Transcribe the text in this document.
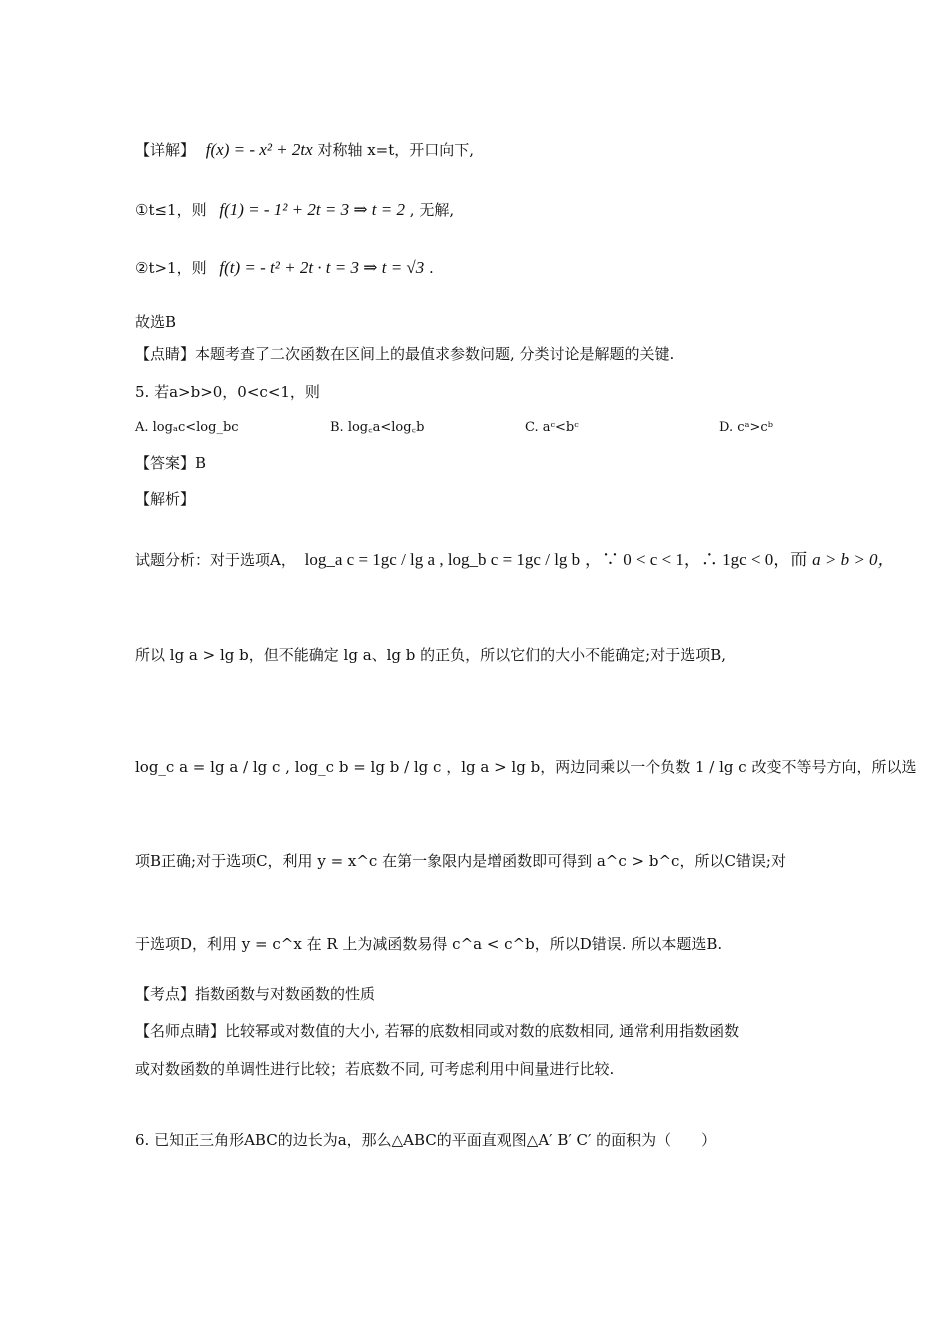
【详解】 f(x) = - x² + 2tx 对称轴 x=t，开口向下,
①t≤1，则 f(1) = - 1² + 2t = 3 ⇒ t = 2 , 无解,
②t>1，则 f(t) = - t² + 2t · t = 3 ⇒ t = √3 .
故选B
【点睛】本题考查了二次函数在区间上的最值求参数问题, 分类讨论是解题的关键.
5. 若a>b>0，0<c<1，则
A. logₐc<log_bc	B. log꜀a<log꜀b	C. aᶜ<bᶜ	D. cᵃ>cᵇ
【答案】B
【解析】
试题分析：对于选项A， log_a c = 1gc / lg a , log_b c = 1gc / lg b ，∵ 0 < c < 1，∴ 1gc < 0，而 a > b > 0，
所以 lg a > lg b，但不能确定 lg a、lg b 的正负，所以它们的大小不能确定;对于选项B,
log_c a = lg a / lg c , log_c b = lg b / lg c ，lg a > lg b，两边同乘以一个负数 1 / lg c 改变不等号方向，所以选
项B正确;对于选项C，利用 y = x^c 在第一象限内是增函数即可得到 a^c > b^c，所以C错误;对
于选项D，利用 y = c^x 在 R 上为减函数易得 c^a < c^b，所以D错误. 所以本题选B.
【考点】指数函数与对数函数的性质
【名师点睛】比较幂或对数值的大小, 若幂的底数相同或对数的底数相同, 通常利用指数函数
或对数函数的单调性进行比较；若底数不同, 可考虑利用中间量进行比较.
6. 已知正三角形ABC的边长为a，那么△ABC的平面直观图△A′ B′ C′ 的面积为（　　）
